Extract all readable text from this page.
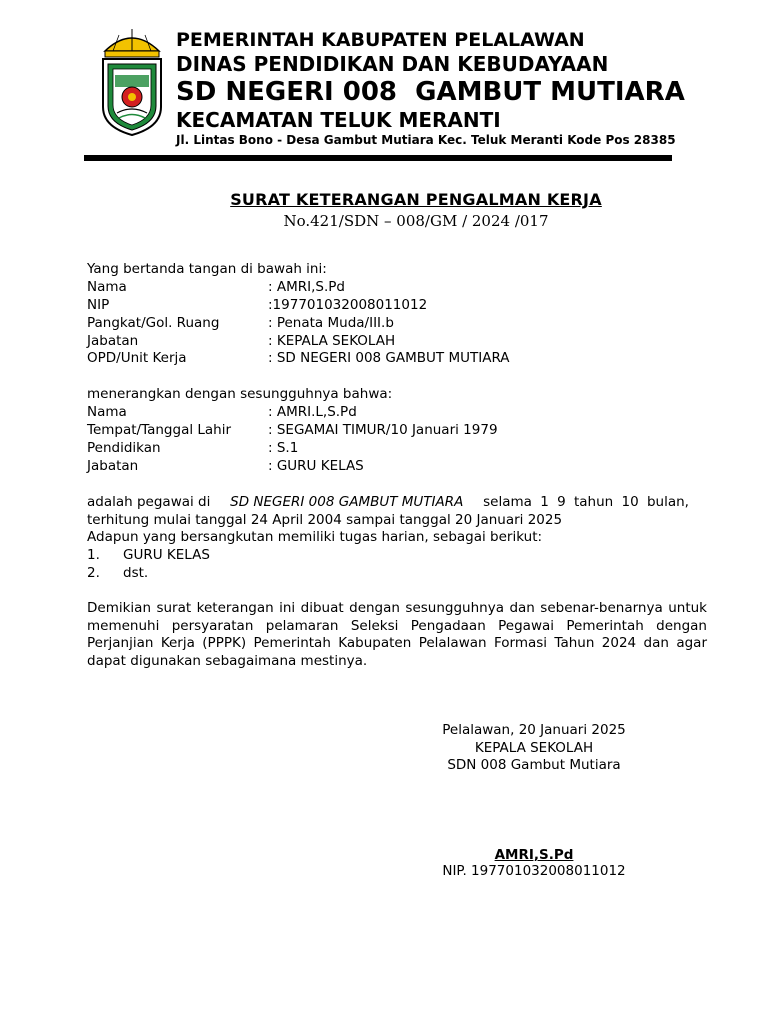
PEMERINTAH KABUPATEN PELALAWAN
DINAS PENDIDIKAN DAN KEBUDAYAAN
SD NEGERI 008  GAMBUT MUTIARA
KECAMATAN TELUK MERANTI
Jl. Lintas Bono - Desa Gambut Mutiara Kec. Teluk Meranti Kode Pos 28385
SURAT KETERANGAN PENGALMAN KERJA
No.421/SDN – 008/GM / 2024 /017
Yang bertanda tangan di bawah ini:
Nama	: AMRI,S.Pd
NIP	:197701032008011012
Pangkat/Gol. Ruang	: Penata Muda/III.b
Jabatan	: KEPALA SEKOLAH
OPD/Unit Kerja	: SD NEGERI 008 GAMBUT MUTIARA
menerangkan dengan sesungguhnya bahwa:
Nama	: AMRI.L,S.Pd
Tempat/Tanggal Lahir	: SEGAMAI TIMUR/10 Januari 1979
Pendidikan	: S.1
Jabatan	: GURU KELAS
adalah pegawai di SD NEGERI 008 GAMBUT MUTIARA selama 1 9 tahun 10 bulan,
terhitung mulai tanggal 24 April 2004 sampai tanggal 20 Januari 2025
Adapun yang bersangkutan memiliki tugas harian, sebagai berikut:
1. GURU KELAS
2. dst.
Demikian surat keterangan ini dibuat dengan sesungguhnya dan sebenar-benarnya untuk memenuhi persyaratan pelamaran Seleksi Pengadaan Pegawai Pemerintah dengan Perjanjian Kerja (PPPK) Pemerintah Kabupaten Pelalawan Formasi Tahun 2024 dan agar dapat digunakan sebagaimana mestinya.
Pelalawan, 20 Januari 2025
KEPALA SEKOLAH
SDN 008 Gambut Mutiara
AMRI,S.Pd
NIP. 197701032008011012
